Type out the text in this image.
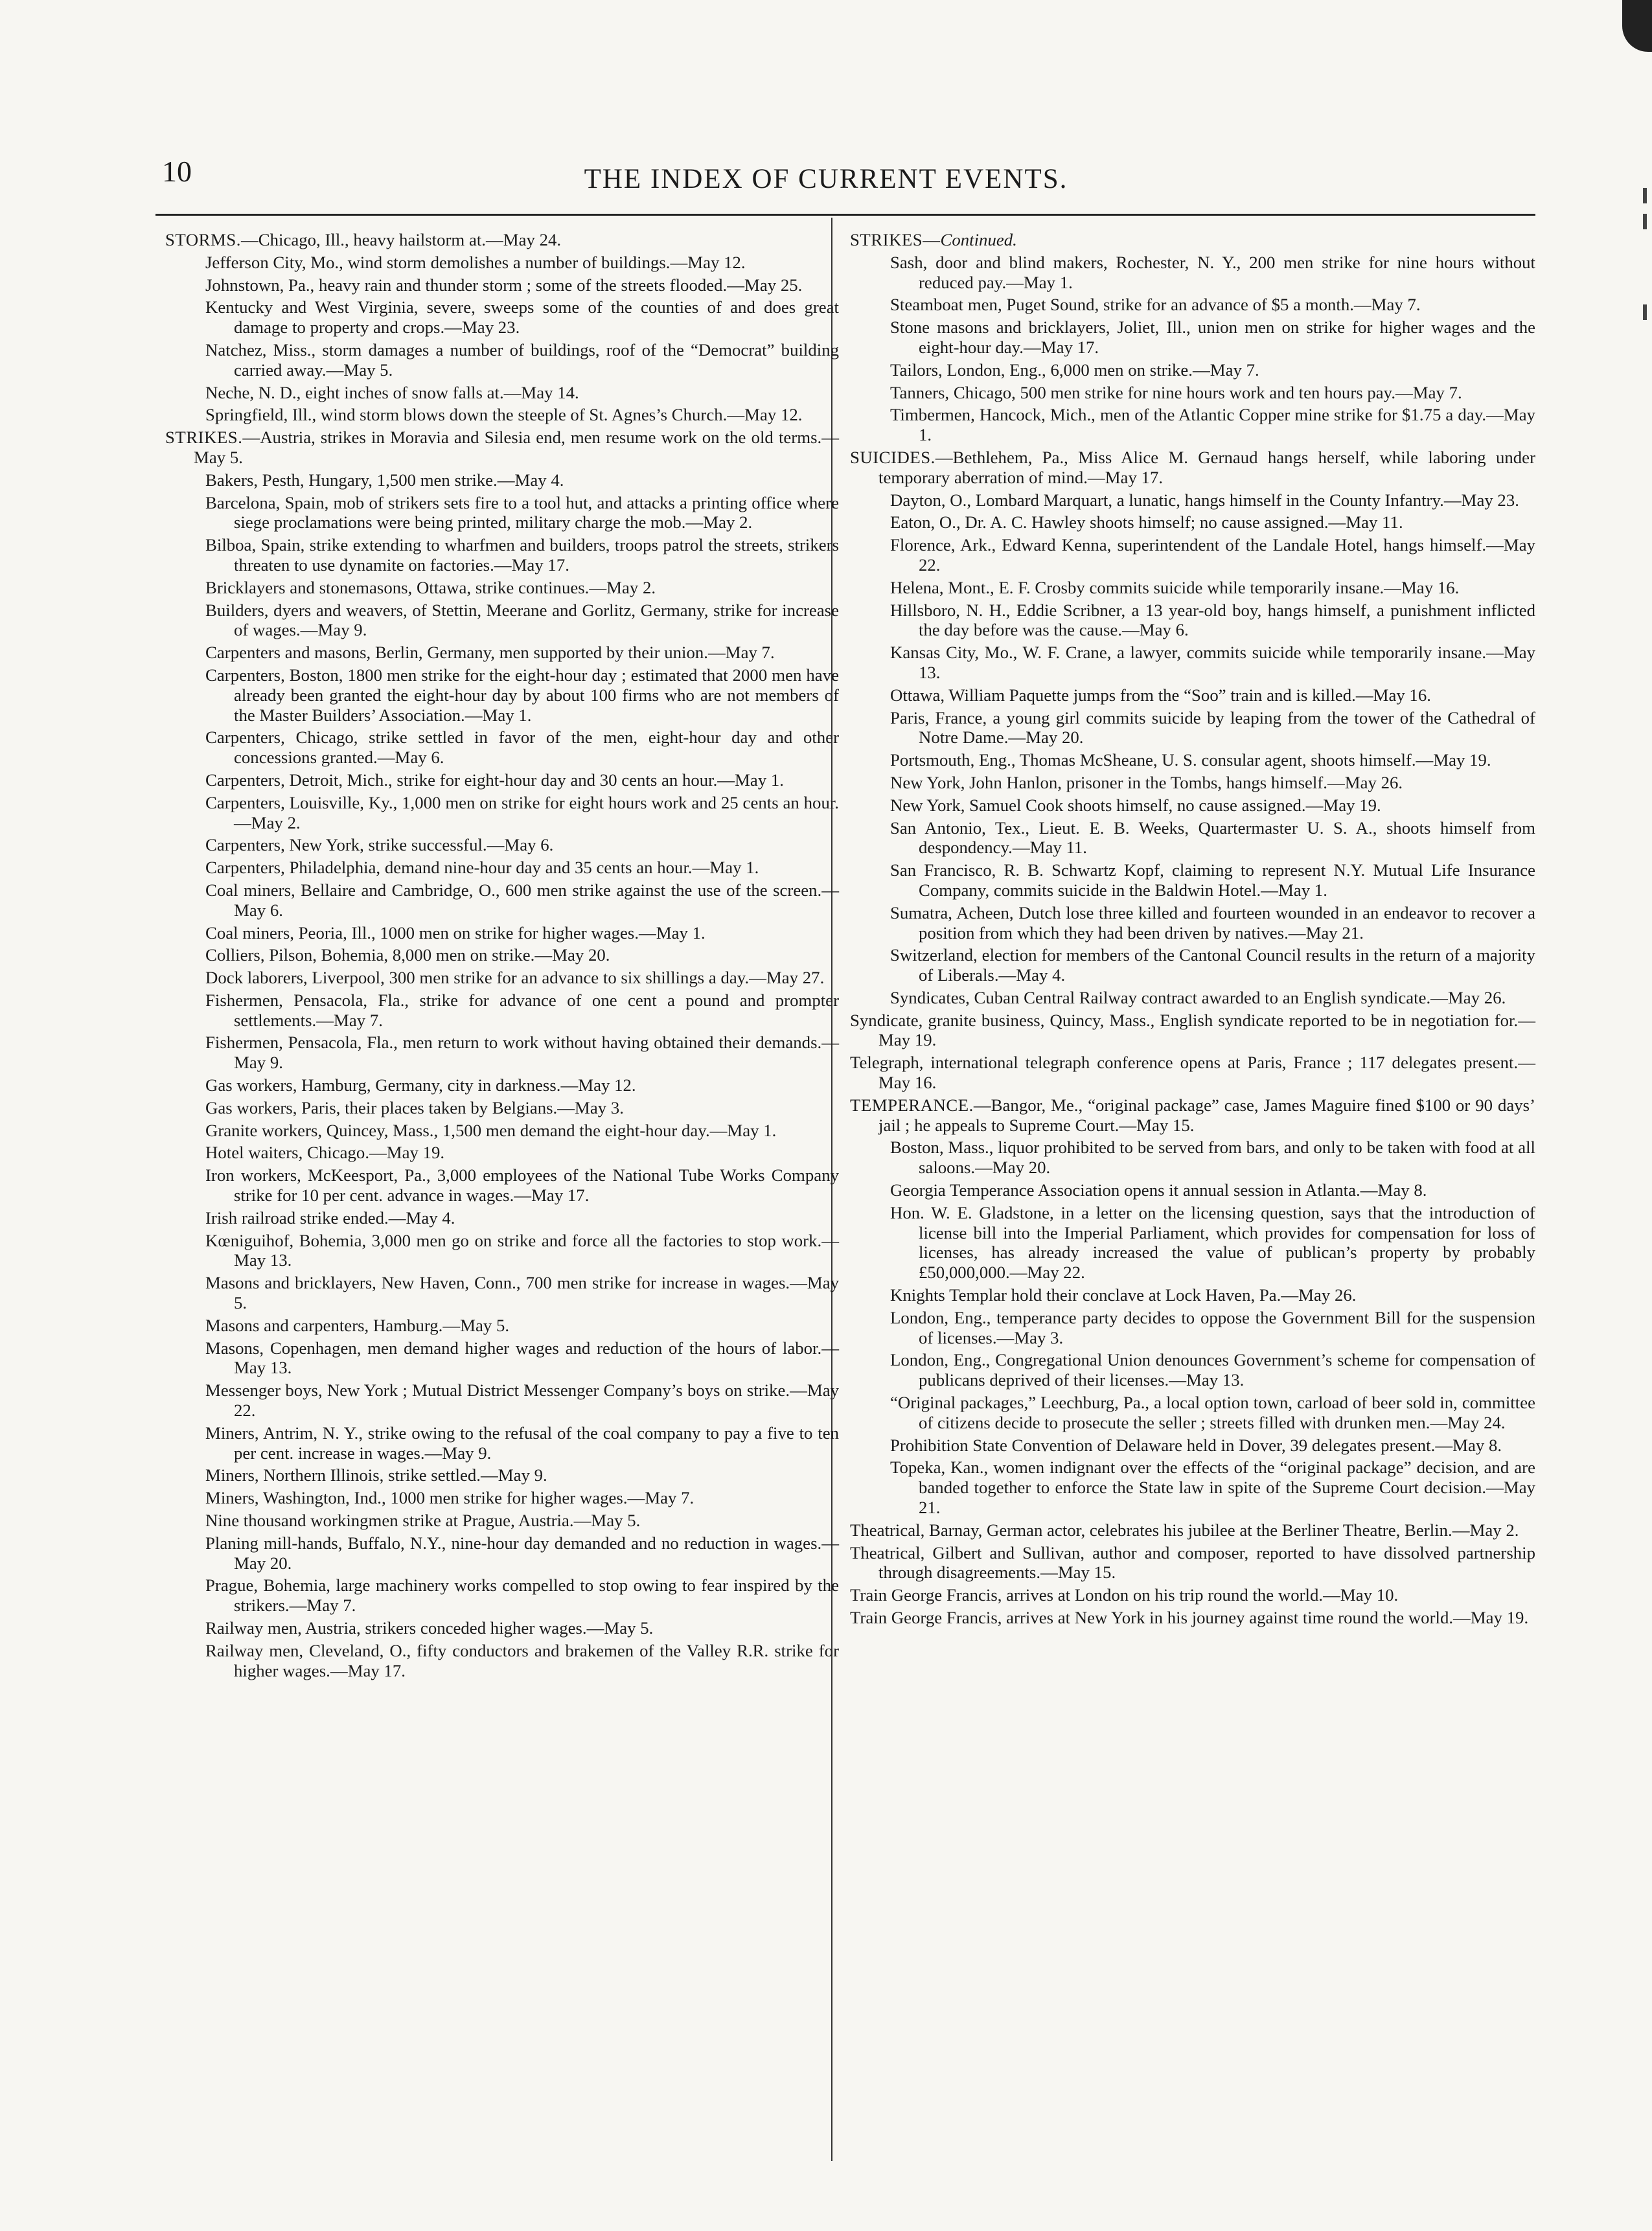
10	THE INDEX OF CURRENT EVENTS.
STORMS.—Chicago, Ill., heavy hailstorm at.—May 24.
Jefferson City, Mo., wind storm demolishes a number of buildings.—May 12.
Johnstown, Pa., heavy rain and thunder storm ; some of the streets flooded.—May 25.
Kentucky and West Virginia, severe, sweeps some of the counties of and does great damage to property and crops.—May 23.
Natchez, Miss., storm damages a number of buildings, roof of the “Democrat” building carried away.—May 5.
Neche, N. D., eight inches of snow falls at.—May 14.
Springfield, Ill., wind storm blows down the steeple of St. Agnes’s Church.—May 12.
STRIKES.—Austria, strikes in Moravia and Silesia end, men resume work on the old terms.—May 5.
Bakers, Pesth, Hungary, 1,500 men strike.—May 4.
Barcelona, Spain, mob of strikers sets fire to a tool hut, and attacks a printing office where siege proclamations were being printed, military charge the mob.—May 2.
Bilboa, Spain, strike extending to wharfmen and builders, troops patrol the streets, strikers threaten to use dynamite on factories.—May 17.
Bricklayers and stonemasons, Ottawa, strike continues.—May 2.
Builders, dyers and weavers, of Stettin, Meerane and Gorlitz, Germany, strike for increase of wages.—May 9.
Carpenters and masons, Berlin, Germany, men supported by their union.—May 7.
Carpenters, Boston, 1800 men strike for the eight-hour day ; estimated that 2000 men have already been granted the eight-hour day by about 100 firms who are not members of the Master Builders’ Association.—May 1.
Carpenters, Chicago, strike settled in favor of the men, eight-hour day and other concessions granted.—May 6.
Carpenters, Detroit, Mich., strike for eight-hour day and 30 cents an hour.—May 1.
Carpenters, Louisville, Ky., 1,000 men on strike for eight hours work and 25 cents an hour.—May 2.
Carpenters, New York, strike successful.—May 6.
Carpenters, Philadelphia, demand nine-hour day and 35 cents an hour.—May 1.
Coal miners, Bellaire and Cambridge, O., 600 men strike against the use of the screen.—May 6.
Coal miners, Peoria, Ill., 1000 men on strike for higher wages.—May 1.
Colliers, Pilson, Bohemia, 8,000 men on strike.—May 20.
Dock laborers, Liverpool, 300 men strike for an advance to six shillings a day.—May 27.
Fishermen, Pensacola, Fla., strike for advance of one cent a pound and prompter settlements.—May 7.
Fishermen, Pensacola, Fla., men return to work without having obtained their demands.—May 9.
Gas workers, Hamburg, Germany, city in darkness.—May 12.
Gas workers, Paris, their places taken by Belgians.—May 3.
Granite workers, Quincey, Mass., 1,500 men demand the eight-hour day.—May 1.
Hotel waiters, Chicago.—May 19.
Iron workers, McKeesport, Pa., 3,000 employees of the National Tube Works Company strike for 10 per cent. advance in wages.—May 17.
Irish railroad strike ended.—May 4.
Kœniguihof, Bohemia, 3,000 men go on strike and force all the factories to stop work.—May 13.
Masons and bricklayers, New Haven, Conn., 700 men strike for increase in wages.—May 5.
Masons and carpenters, Hamburg.—May 5.
Masons, Copenhagen, men demand higher wages and reduction of the hours of labor.—May 13.
Messenger boys, New York ; Mutual District Messenger Company’s boys on strike.—May 22.
Miners, Antrim, N. Y., strike owing to the refusal of the coal company to pay a five to ten per cent. increase in wages.—May 9.
Miners, Northern Illinois, strike settled.—May 9.
Miners, Washington, Ind., 1000 men strike for higher wages.—May 7.
Nine thousand workingmen strike at Prague, Austria.—May 5.
Planing mill-hands, Buffalo, N.Y., nine-hour day demanded and no reduction in wages.—May 20.
Prague, Bohemia, large machinery works compelled to stop owing to fear inspired by the strikers.—May 7.
Railway men, Austria, strikers conceded higher wages.—May 5.
Railway men, Cleveland, O., fifty conductors and brakemen of the Valley R.R. strike for higher wages.—May 17.
STRIKES—Continued.
Sash, door and blind makers, Rochester, N. Y., 200 men strike for nine hours without reduced pay.—May 1.
Steamboat men, Puget Sound, strike for an advance of $5 a month.—May 7.
Stone masons and bricklayers, Joliet, Ill., union men on strike for higher wages and the eight-hour day.—May 17.
Tailors, London, Eng., 6,000 men on strike.—May 7.
Tanners, Chicago, 500 men strike for nine hours work and ten hours pay.—May 7.
Timbermen, Hancock, Mich., men of the Atlantic Copper mine strike for $1.75 a day.—May 1.
SUICIDES.—Bethlehem, Pa., Miss Alice M. Gernaud hangs herself, while laboring under temporary aberration of mind.—May 17.
Dayton, O., Lombard Marquart, a lunatic, hangs himself in the County Infantry.—May 23.
Eaton, O., Dr. A. C. Hawley shoots himself; no cause assigned.—May 11.
Florence, Ark., Edward Kenna, superintendent of the Landale Hotel, hangs himself.—May 22.
Helena, Mont., E. F. Crosby commits suicide while temporarily insane.—May 16.
Hillsboro, N. H., Eddie Scribner, a 13 year-old boy, hangs himself, a punishment inflicted the day before was the cause.—May 6.
Kansas City, Mo., W. F. Crane, a lawyer, commits suicide while temporarily insane.—May 13.
Ottawa, William Paquette jumps from the “Soo” train and is killed.—May 16.
Paris, France, a young girl commits suicide by leaping from the tower of the Cathedral of Notre Dame.—May 20.
Portsmouth, Eng., Thomas McSheane, U. S. consular agent, shoots himself.—May 19.
New York, John Hanlon, prisoner in the Tombs, hangs himself.—May 26.
New York, Samuel Cook shoots himself, no cause assigned.—May 19.
San Antonio, Tex., Lieut. E. B. Weeks, Quartermaster U. S. A., shoots himself from despondency.—May 11.
San Francisco, R. B. Schwartz Kopf, claiming to represent N.Y. Mutual Life Insurance Company, commits suicide in the Baldwin Hotel.—May 1.
Sumatra, Acheen, Dutch lose three killed and fourteen wounded in an endeavor to recover a position from which they had been driven by natives.—May 21.
Switzerland, election for members of the Cantonal Council results in the return of a majority of Liberals.—May 4.
Syndicates, Cuban Central Railway contract awarded to an English syndicate.—May 26.
Syndicate, granite business, Quincy, Mass., English syndicate reported to be in negotiation for.—May 19.
Telegraph, international telegraph conference opens at Paris, France ; 117 delegates present.—May 16.
TEMPERANCE.—Bangor, Me., “original package” case, James Maguire fined $100 or 90 days’ jail ; he appeals to Supreme Court.—May 15.
Boston, Mass., liquor prohibited to be served from bars, and only to be taken with food at all saloons.—May 20.
Georgia Temperance Association opens it annual session in Atlanta.—May 8.
Hon. W. E. Gladstone, in a letter on the licensing question, says that the introduction of license bill into the Imperial Parliament, which provides for compensation for loss of licenses, has already increased the value of publican’s property by probably £50,000,000.—May 22.
Knights Templar hold their conclave at Lock Haven, Pa.—May 26.
London, Eng., temperance party decides to oppose the Government Bill for the suspension of licenses.—May 3.
London, Eng., Congregational Union denounces Government’s scheme for compensation of publicans deprived of their licenses.—May 13.
“Original packages,” Leechburg, Pa., a local option town, carload of beer sold in, committee of citizens decide to prosecute the seller ; streets filled with drunken men.—May 24.
Prohibition State Convention of Delaware held in Dover, 39 delegates present.—May 8.
Topeka, Kan., women indignant over the effects of the “original package” decision, and are banded together to enforce the State law in spite of the Supreme Court decision.—May 21.
Theatrical, Barnay, German actor, celebrates his jubilee at the Berliner Theatre, Berlin.—May 2.
Theatrical, Gilbert and Sullivan, author and composer, reported to have dissolved partnership through disagreements.—May 15.
Train George Francis, arrives at London on his trip round the world.—May 10.
Train George Francis, arrives at New York in his journey against time round the world.—May 19.
